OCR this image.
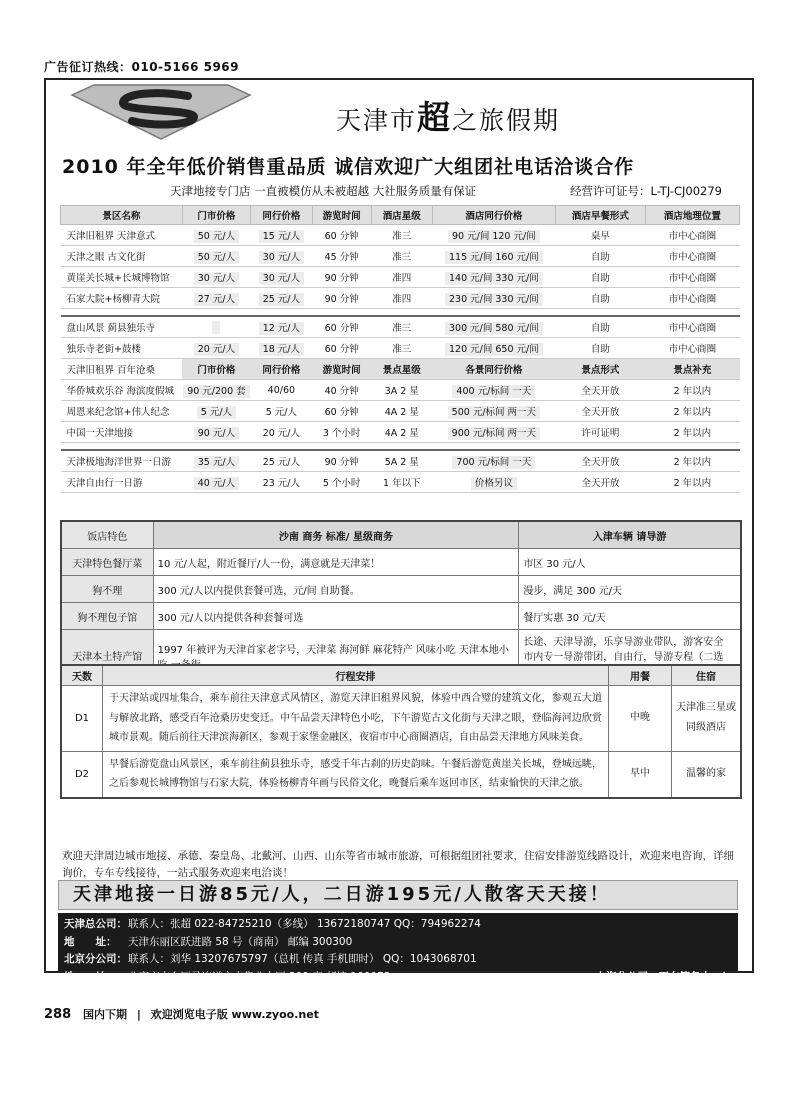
广告征订热线：010-5166 5969
天津市超之旅假期
2010 年全年低价销售重品质 诚信欢迎广大组团社电话洽谈合作
天津地接专门店 一直被模仿从未被超越 大社服务质量有保证	经营许可证号：L-TJ-CJ00279
景区名称	门市价格	同行价格	游览时间	酒店星级	酒店同行价格	酒店早餐形式	酒店地理位置
天津旧租界 天津意式	50 元/人	15 元/人	60 分钟	准三	90 元/间 120 元/间	桌早	市中心商圈
天津之眼 古文化街	50 元/人	30 元/人	45 分钟	准三	115 元/间 160 元/间	自助	市中心商圈
黄崖关长城+长城博物馆	30 元/人	30 元/人	90 分钟	准四	140 元/间 330 元/间	自助	市中心商圈
石家大院+杨柳青大院	27 元/人	25 元/人	90 分钟	准四	230 元/间 330 元/间	自助	市中心商圈

盘山风景 蓟县独乐寺		12 元/人	60 分钟	准三	300 元/间 580 元/间	自助	市中心商圈
独乐寺老街+鼓楼	20 元/人	18 元/人	60 分钟	准三	120 元/间 650 元/间	自助	市中心商圈
天津旧租界 百年沧桑	门市价格	同行价格	游览时间	景点星级	各景同行价格	景点形式	景点补充
华侨城欢乐谷 海滨度假城	90 元/200 套	40/60	40 分钟	3A 2 星	400 元/标间 一天	全天开放	2 年以内
周恩来纪念馆+伟人纪念	5 元/人	5 元/人	60 分钟	4A 2 星	500 元/标间 两一天	全天开放	2 年以内
中国一天津地接	90 元/人	20 元/人	3 个小时	4A 2 星	900 元/标间 两一天	许可证明	2 年以内

天津极地海洋世界一日游	35 元/人	25 元/人	90 分钟	5A 2 星	700 元/标间 一天	全天开放	2 年以内
天津自由行一日游	40 元/人	23 元/人	5 个小时	1 年以下	价格另议	全天开放	2 年以内
饭店特色	沙南 商务 标准/ 星级商务	入津车辆 请导游
天津特色餐厅菜	10 元/人起，附近餐厅/人一份，满意就是天津菜！	市区 30 元/人
狗不理	300 元/人以内提供套餐可选，元/间 自助餐。	漫步，满足 300 元/天
狗不理包子馆	300 元/人以内提供各种套餐可选	餐厅实惠 30 元/天
天津本土特产馆	1997 年被评为天津首家老字号，天津菜 海河鲜 麻花特产 风味小吃 天津本地小	长途、天津导游，乐享导游业带队，游客安全 市内专一导游带团，自由行，导游专程（二选
天数	行程安排	用餐	住宿
D1	于天津站或四址集合，乘车前往天津意式风情区，游览天津旧租界风貌，体验中西合璧的建筑文化，参观五大道与解放北路，感受百年沧桑历史变迁。中午品尝天津特色小吃，下午游览古文化街与天津之眼，登临海河边欣赏城市景观。随后前往天津滨海新区，参观于家堡金融区，夜宿市中心商圈酒店，自由品尝天津地方风味美食。	中晚	天津准三星或同级酒店
D2	早餐后游览盘山风景区，乘车前往蓟县独乐寺，感受千年古刹的历史韵味。午餐后游览黄崖关长城，登城远眺，之后参观长城博物馆与石家大院，体验杨柳青年画与民俗文化，晚餐后乘车返回市区，结束愉快的天津之旅。	早中	温馨的家
欢迎天津周边城市地接、承德、秦皇岛、北戴河、山西、山东等省市城市旅游，可根据组团社要求，住宿安排游览线路设计，欢迎来电咨询，详细询价，专车专线接待，一站式服务欢迎来电洽谈！
天津地接一日游85元/人，二日游195元/人散客天天接！
天津总公司：联系人：张超 022-84725210（多线） 13672180747 QQ：794962274
地　　址： 天津东丽区跃进路 58 号（商南） 邮编 300300
北京分公司：联系人：刘华 13207675797（总机 传真 手机即时） QQ：1043068701
上海分公司：正在筹备中…！
地　　址： 北京市丰台区马连道方丰集业大厦 309 室 邮编 100073
288 国内下期 | 欢迎浏览电子版 www.zyoo.net
